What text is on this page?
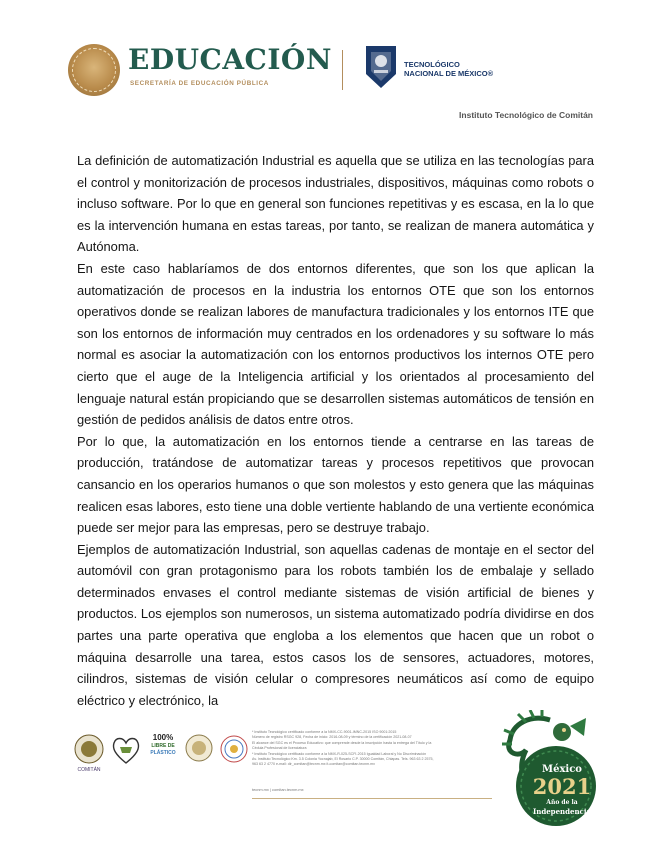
EDUCACIÓN
SECRETARÍA DE EDUCACIÓN PÚBLICA
TECNOLÓGICO
NACIONAL DE MÉXICO®
Instituto Tecnológico de Comitán

La definición de automatización Industrial es aquella que se utiliza en las tecnologías para el control y monitorización de procesos industriales, dispositivos, máquinas como robots o incluso software. Por lo que en general son funciones repetitivas y es escasa, en la lo que es la intervención humana en estas tareas, por tanto, se realizan de manera automática y Autónoma.

En este caso hablaríamos de dos entornos diferentes, que son los que aplican la automatización de procesos en la industria los entornos OTE que son los entornos operativos donde se realizan labores de manufactura tradicionales y los entornos ITE que son los entornos de información muy centrados en los ordenadores y su software lo más normal es asociar la automatización con los entornos productivos los internos OTE pero cierto que el auge de la Inteligencia artificial y los orientados al procesamiento del lenguaje natural están propiciando que se desarrollen sistemas automáticos de tensión en gestión de pedidos análisis de datos entre otros.

Por lo que, la automatización en los entornos tiende a centrarse en las tareas de producción, tratándose de automatizar tareas y procesos repetitivos que provocan cansancio en los operarios humanos o que son molestos y esto genera que las máquinas realicen esas labores, esto tiene una doble vertiente hablando de una vertiente económica puede ser mejor para las empresas, pero se destruye trabajo.

Ejemplos de automatización Industrial, son aquellas cadenas de montaje en el sector del automóvil con gran protagonismo para los robots también los de embalaje y sellado determinados envases el control mediante sistemas de visión artificial de bienes y productos. Los ejemplos son numerosos, un sistema automatizado podría dividirse en dos partes una parte operativa que engloba a los elementos que hacen que un robot o máquina desarrolle una tarea, estos casos los de sensores, actuadores, motores, cilindros, sistemas de visión celular o compresores neumáticos así como de equipo eléctrico y electrónico, la

COMITÁN
100%
LIBRE DE
PLÁSTICO
* Instituto Tecnológico certificado conforme a la NMX-CC-9001-IMNC-2015 ISO 9001:2015
Número de registro RSGC 928, Fecha de inicio: 2016-08-09 y término de la certificación 2021-08-07
El alcance del SGC es el Proceso Educativo: que comprende desde la inscripción hasta la entrega del Título y la
Cédula Profesional de licenciatura
* Instituto Tecnológico certificado conforme a la NMX-R-025-SCFI-2015 Igualdad Laboral y No Discriminación
Av. Instituto Tecnológico Km. 3.5 Colonia Yocnajab, El Rosario C.P. 30000 Comitán, Chiapas. Tels. 963 63 2 2575,
963 63 2 4770 e-mail: dir_comitan@tecnm.mx it-comitan@comitan.tecnm.mx
tecnm.mx | comitan.tecnm.mx
México
2021
Año de la
Independencia
